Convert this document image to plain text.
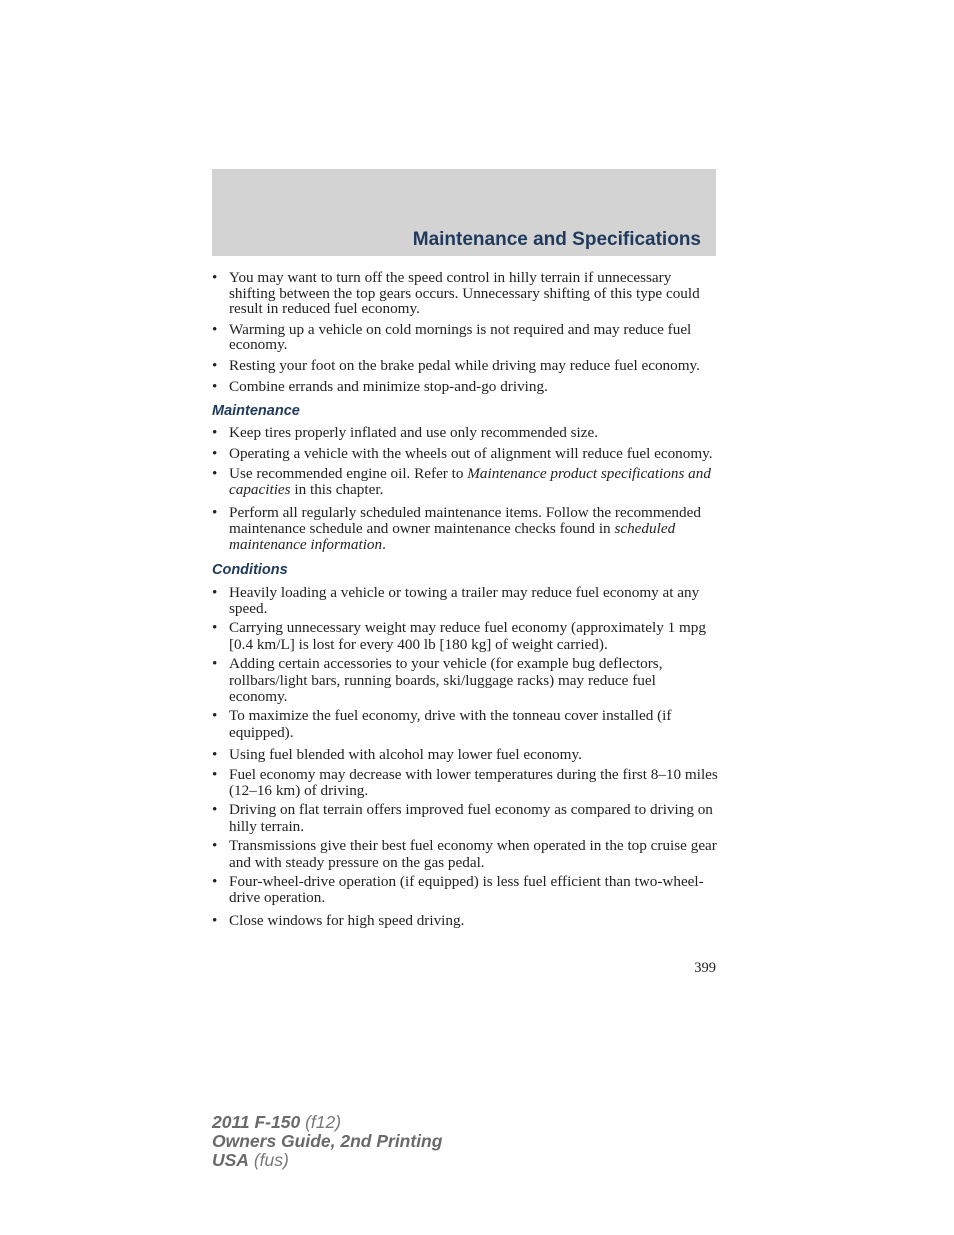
Maintenance and Specifications
• You may want to turn off the speed control in hilly terrain if unnecessary shifting between the top gears occurs. Unnecessary shifting of this type could result in reduced fuel economy.
• Warming up a vehicle on cold mornings is not required and may reduce fuel economy.
• Resting your foot on the brake pedal while driving may reduce fuel economy.
• Combine errands and minimize stop-and-go driving.
Maintenance
• Keep tires properly inflated and use only recommended size.
• Operating a vehicle with the wheels out of alignment will reduce fuel economy.
• Use recommended engine oil. Refer to Maintenance product specifications and capacities in this chapter.
• Perform all regularly scheduled maintenance items. Follow the recommended maintenance schedule and owner maintenance checks found in scheduled maintenance information.
Conditions
• Heavily loading a vehicle or towing a trailer may reduce fuel economy at any speed.
• Carrying unnecessary weight may reduce fuel economy (approximately 1 mpg [0.4 km/L] is lost for every 400 lb [180 kg] of weight carried).
• Adding certain accessories to your vehicle (for example bug deflectors, rollbars/light bars, running boards, ski/luggage racks) may reduce fuel economy.
• To maximize the fuel economy, drive with the tonneau cover installed (if equipped).
• Using fuel blended with alcohol may lower fuel economy.
• Fuel economy may decrease with lower temperatures during the first 8–10 miles (12–16 km) of driving.
• Driving on flat terrain offers improved fuel economy as compared to driving on hilly terrain.
• Transmissions give their best fuel economy when operated in the top cruise gear and with steady pressure on the gas pedal.
• Four-wheel-drive operation (if equipped) is less fuel efficient than two-wheel-drive operation.
• Close windows for high speed driving.
399
2011 F-150 (f12)
Owners Guide, 2nd Printing
USA (fus)
